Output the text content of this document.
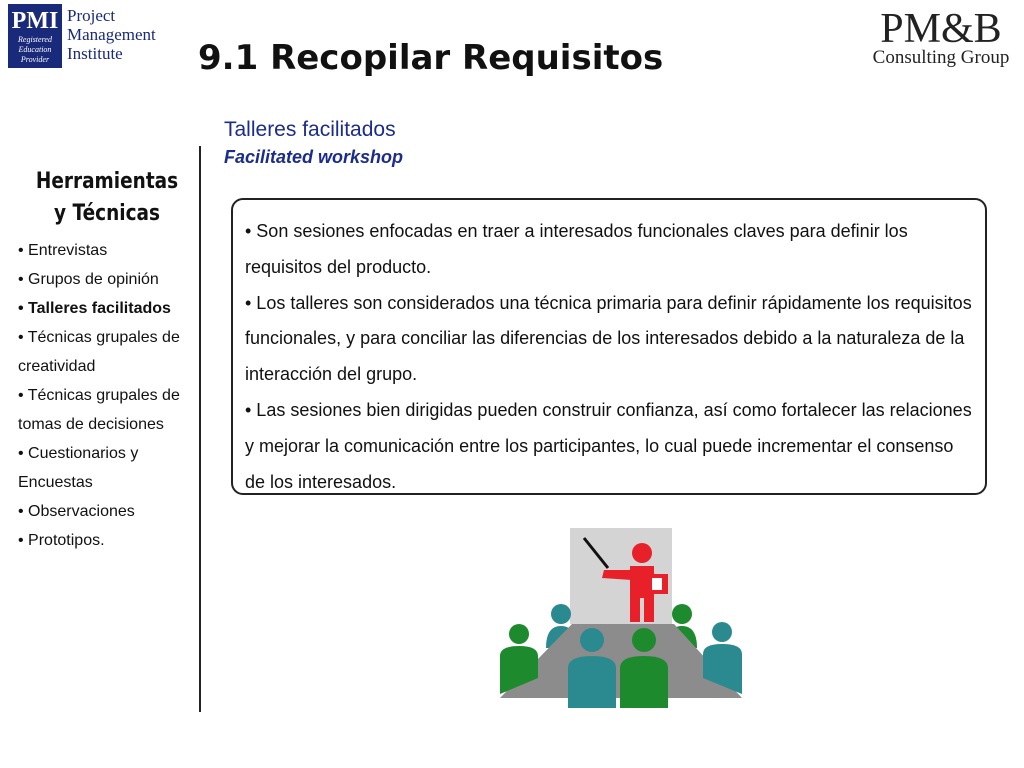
PMI
Registered
Education
Provider
Project
Management
Institute
PM&B
Consulting Group
9.1 Recopilar Requisitos
Talleres facilitados
Facilitated workshop
Herramientas
y Técnicas
• Entrevistas
• Grupos de opinión
• Talleres facilitados
• Técnicas grupales de creatividad
• Técnicas grupales de tomas de decisiones
• Cuestionarios y Encuestas
• Observaciones
• Prototipos.

• Son sesiones enfocadas en traer a interesados funcionales claves para definir los requisitos del producto.

• Los talleres son considerados una técnica primaria para definir rápidamente los requisitos funcionales, y para conciliar las diferencias de los interesados debido a la naturaleza de la interacción del grupo.

• Las sesiones bien dirigidas pueden construir confianza, así como fortalecer las relaciones y mejorar la comunicación entre los participantes, lo cual puede incrementar el consenso de los interesados.
